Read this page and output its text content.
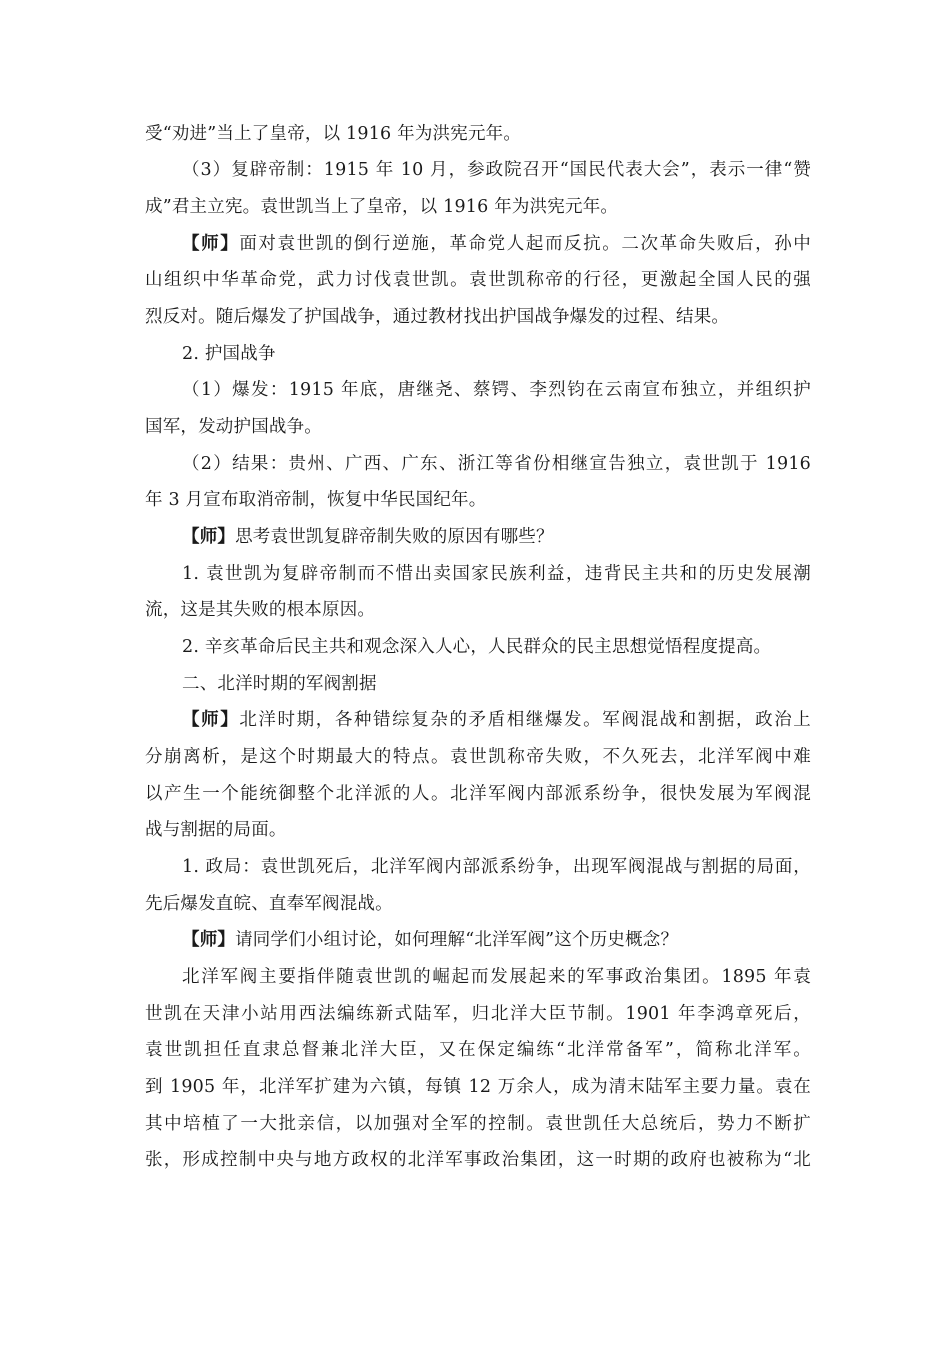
受“劝进”当上了皇帝，以 1916 年为洪宪元年。
（3）复辟帝制：1915 年 10 月，参政院召开“国民代表大会”，表示一律“赞
成”君主立宪。袁世凯当上了皇帝，以 1916 年为洪宪元年。
【师】面对袁世凯的倒行逆施，革命党人起而反抗。二次革命失败后，孙中
山组织中华革命党，武力讨伐袁世凯。袁世凯称帝的行径，更激起全国人民的强
烈反对。随后爆发了护国战争，通过教材找出护国战争爆发的过程、结果。
2. 护国战争
（1）爆发：1915 年底，唐继尧、蔡锷、李烈钧在云南宣布独立，并组织护
国军，发动护国战争。
（2）结果：贵州、广西、广东、浙江等省份相继宣告独立，袁世凯于 1916
年 3 月宣布取消帝制，恢复中华民国纪年。
【师】思考袁世凯复辟帝制失败的原因有哪些？
1. 袁世凯为复辟帝制而不惜出卖国家民族利益，违背民主共和的历史发展潮
流，这是其失败的根本原因。
2. 辛亥革命后民主共和观念深入人心，人民群众的民主思想觉悟程度提高。
二、北洋时期的军阀割据
【师】北洋时期，各种错综复杂的矛盾相继爆发。军阀混战和割据，政治上
分崩离析，是这个时期最大的特点。袁世凯称帝失败，不久死去，北洋军阀中难
以产生一个能统御整个北洋派的人。北洋军阀内部派系纷争，很快发展为军阀混
战与割据的局面。
1. 政局：袁世凯死后，北洋军阀内部派系纷争，出现军阀混战与割据的局面，
先后爆发直皖、直奉军阀混战。
【师】请同学们小组讨论，如何理解“北洋军阀”这个历史概念？
北洋军阀主要指伴随袁世凯的崛起而发展起来的军事政治集团。1895 年袁
世凯在天津小站用西法编练新式陆军，归北洋大臣节制。1901 年李鸿章死后，
袁世凯担任直隶总督兼北洋大臣，又在保定编练“北洋常备军”，简称北洋军。
到 1905 年，北洋军扩建为六镇，每镇 12 万余人，成为清末陆军主要力量。袁在
其中培植了一大批亲信，以加强对全军的控制。袁世凯任大总统后，势力不断扩
张，形成控制中央与地方政权的北洋军事政治集团，这一时期的政府也被称为“北
